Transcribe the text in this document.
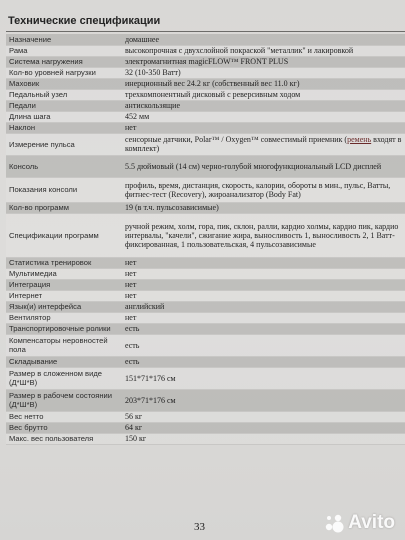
Технические спецификации
Назначение	домашнее
Рама	высокопрочная с двухслойной покраской "металлик" и лакировкой
Система нагружения	электромагнитная magicFLOW™ FRONT PLUS
Кол-во уровней нагрузки	32 (10-350 Ватт)
Маховик	инерционный вес 24.2 кг (собственный вес 11.0 кг)
Педальный узел	трехкомпонентный дисковый с реверсивным ходом
Педали	антискользящие
Длина шага	452 мм
Наклон	нет
Измерение пульса	сенсорные датчики, Polar™ / Oxygen™ совместимый приемник (ремень входят в комплект)
Консоль	5.5 дюймовый (14 см) черно-голубой многофункциональный LCD дисплей
Показания консоли	профиль, время, дистанция, скорость, калории, обороты в мин., пульс, Ватты, фитнес-тест (Recovery), жироанализатор (Body Fat)
Кол-во программ	19 (в т.ч. пульсозависимые)
Спецификации программ	ручной режим, холм, гора, пик, склон, ралли, кардио холмы, кардио пик, кардио интервалы, "качели", сжигание жира, выносливость 1, выносливость 2, 1 Ватт-фиксированная, 1 пользовательская, 4 пульсозависимые
Статистика тренировок	нет
Мультимедиа	нет
Интеграция	нет
Интернет	нет
Язык(и) интерфейса	английский
Вентилятор	нет
Транспортировочные ролики	есть
Компенсаторы неровностей пола	есть
Складывание	есть
Размер в сложенном виде (Д*Ш*В)	151*71*176 см
Размер в рабочем состоянии (Д*Ш*В)	203*71*176 см
Вес нетто	56 кг
Вес брутто	64 кг
Макс. вес пользователя	150 кг
33	Avito
